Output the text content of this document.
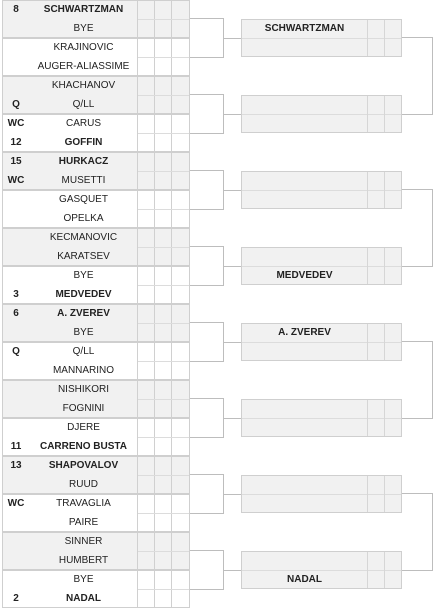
8	SCHWARTZMAN
BYE
KRAJINOVIC
AUGER-ALIASSIME
KHACHANOV
Q	Q/LL
WC	CARUS
12	GOFFIN
15	HURKACZ
WC	MUSETTI
GASQUET
OPELKA
KECMANOVIC
KARATSEV
BYE
3	MEDVEDEV
6	A. ZVEREV
BYE
Q	Q/LL
MANNARINO
NISHIKORI
FOGNINI
DJERE
11	CARRENO BUSTA
13	SHAPOVALOV
RUUD
WC	TRAVAGLIA
PAIRE
SINNER
HUMBERT
BYE
2	NADAL
SCHWARTZMAN
MEDVEDEV
A. ZVEREV
NADAL
